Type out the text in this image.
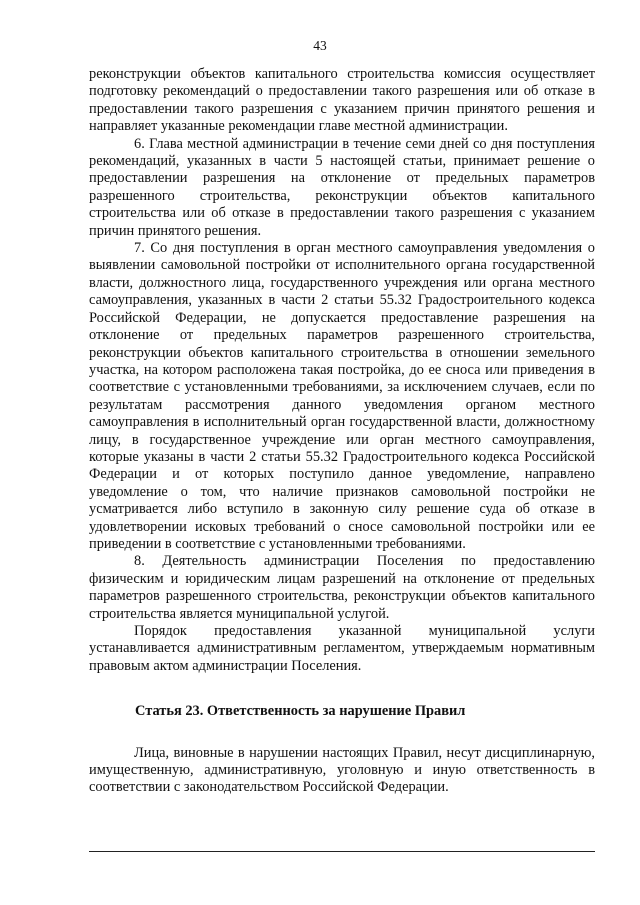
43

реконструкции объектов капитального строительства комиссия осуществляет подготовку рекомендаций о предоставлении такого разрешения или об отказе в предоставлении такого разрешения с указанием причин принятого решения и направляет указанные рекомендации главе местной администрации.

6. Глава местной администрации в течение семи дней со дня поступления рекомендаций, указанных в части 5 настоящей статьи, принимает решение о предоставлении разрешения на отклонение от предельных параметров разрешенного строительства, реконструкции объектов капитального строительства или об отказе в предоставлении такого разрешения с указанием причин принятого решения.

7. Со дня поступления в орган местного самоуправления уведомления о выявлении самовольной постройки от исполнительного органа государственной власти, должностного лица, государственного учреждения или органа местного самоуправления, указанных в части 2 статьи 55.32 Градостроительного кодекса Российской Федерации, не допускается предоставление разрешения на отклонение от предельных параметров разрешенного строительства, реконструкции объектов капитального строительства в отношении земельного участка, на котором расположена такая постройка, до ее сноса или приведения в соответствие с установленными требованиями, за исключением случаев, если по результатам рассмотрения данного уведомления органом местного самоуправления в исполнительный орган государственной власти, должностному лицу, в государственное учреждение или орган местного самоуправления, которые указаны в части 2 статьи 55.32 Градостроительного кодекса Российской Федерации и от которых поступило данное уведомление, направлено уведомление о том, что наличие признаков самовольной постройки не усматривается либо вступило в законную силу решение суда об отказе в удовлетворении исковых требований о сносе самовольной постройки или ее приведении в соответствие с установленными требованиями.

8. Деятельность администрации Поселения по предоставлению физическим и юридическим лицам разрешений на отклонение от предельных параметров разрешенного строительства, реконструкции объектов капитального строительства является муниципальной услугой.

Порядок предоставления указанной муниципальной услуги устанавливается административным регламентом, утверждаемым нормативным правовым актом администрации Поселения.

Статья 23. Ответственность за нарушение Правил

Лица, виновные в нарушении настоящих Правил, несут дисциплинарную, имущественную, административную, уголовную и иную ответственность в соответствии с законодательством Российской Федерации.
